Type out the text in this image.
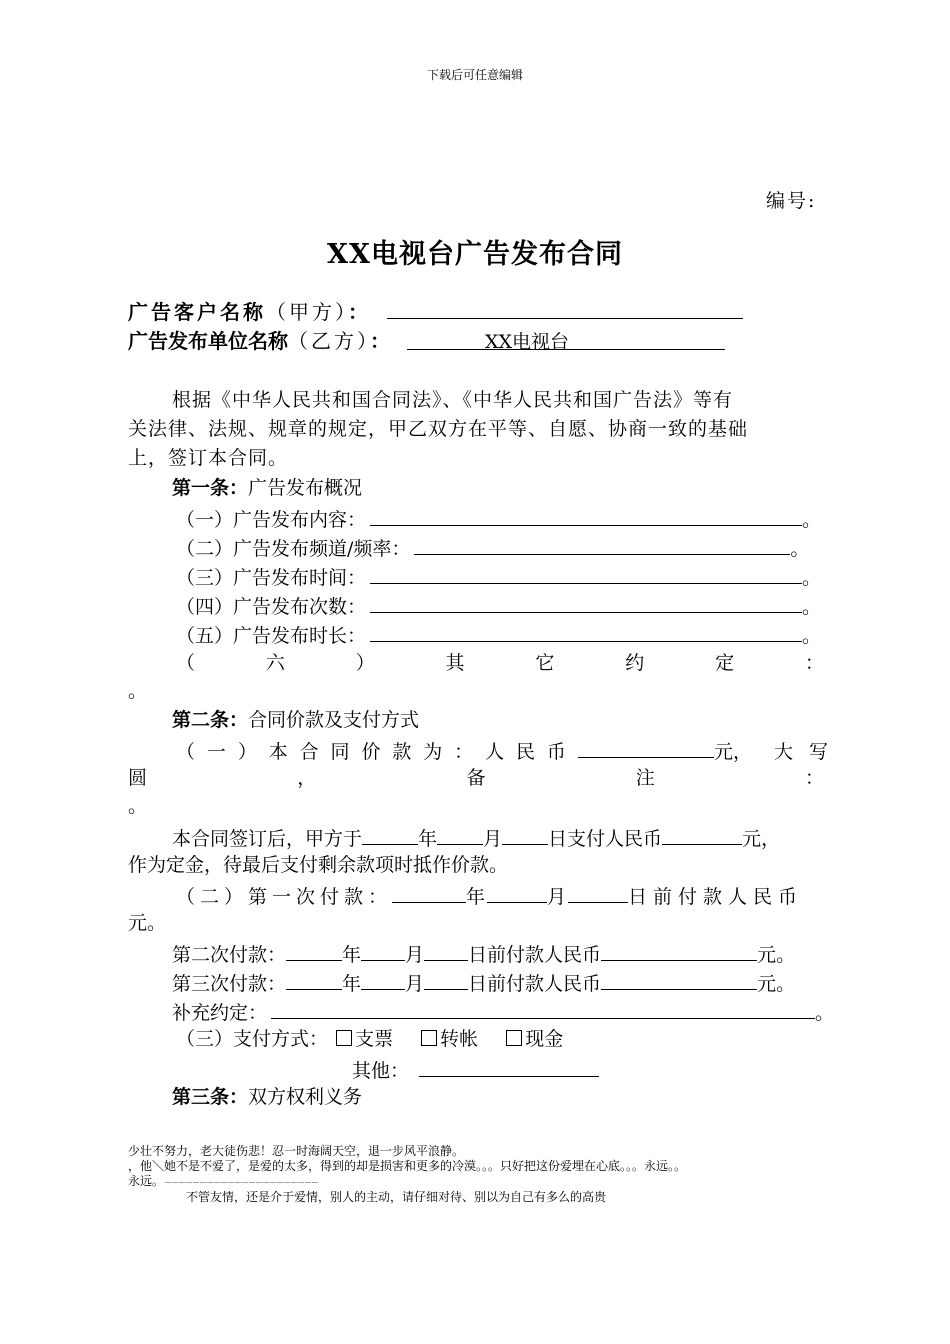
下载后可任意编辑
编号:
XX电视台广告发布合同
广告客户名称（甲方）：
广告发布单位名称（乙方）：	XX电视台
根据《中华人民共和国合同法》、《中华人民共和国广告法》等有
关法律、法规、规章的规定，甲乙双方在平等、自愿、协商一致的基础
上，签订本合同。
第一条：广告发布概况
（一）广告发布内容：	。
（二）广告发布频道/频率：	。
（三）广告发布时间：	。
（四）广告发布次数：	。
（五）广告发布时长：	。
（	六	）	其	它	约	定	：
。
第二条：合同价款及支付方式
（ 一 ） 本 合 同 价 款 为 ： 人 民 币	元， 大 写
圆	，	备	注	：
。
本合同签订后，甲方于	年 月 日支付人民币	元，
作为定金，待最后支付剩余款项时抵作价款。
（二）第一次付款：	年	月	日前付款人民币
元。
第二次付款：	年 月 日前付款人民币	元。
第三次付款：	年 月 日前付款人民币	元。
补充约定：	。
（三）支付方式： 支票 转帐 现金
其他：
第三条：双方权利义务
少壮不努力，老大徒伤悲！忍一时海阔天空，退一步风平浪静。
，他＼她不是不爱了，是爱的太多，得到的却是损害和更多的冷漠。。。只好把这份爱埋在心底。。。永远。。
永远。－－－－－－－－－－－－－－－－－－－－－－
不管友情，还是介于爱情，别人的主动，请仔细对待、别以为自己有多么的高贵
